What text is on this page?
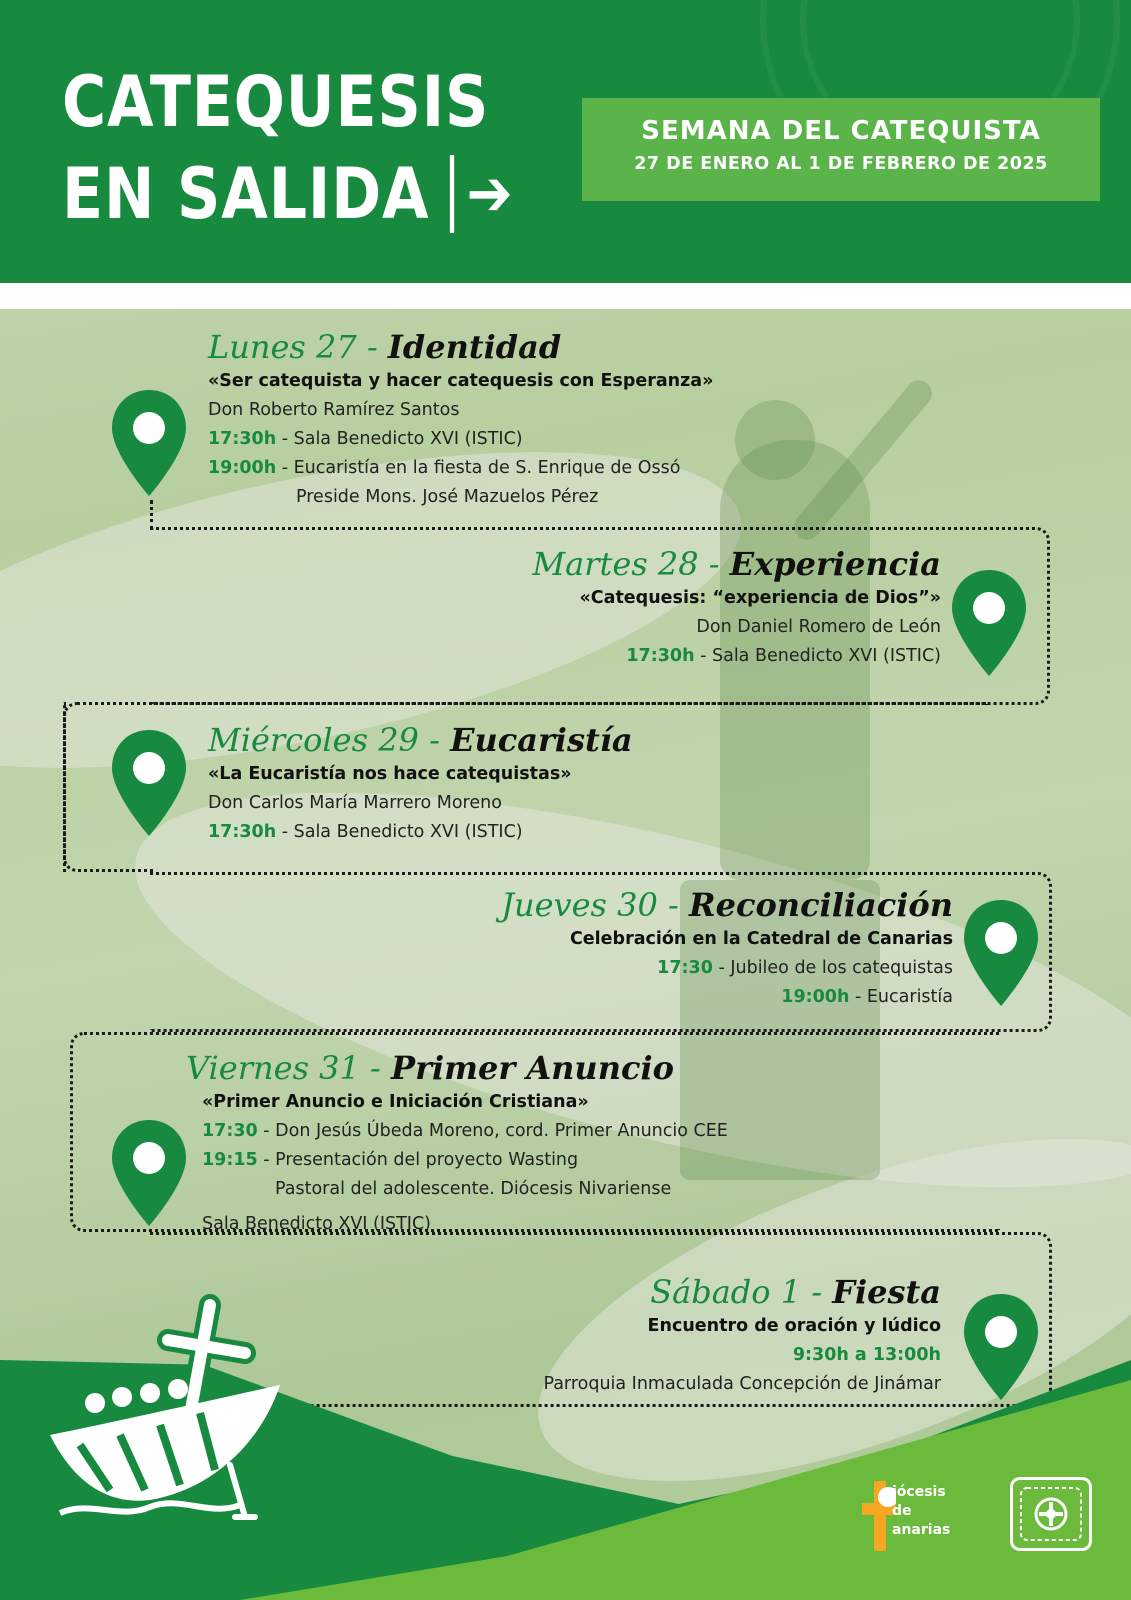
CATEQUESIS
EN SALIDA ➔
SEMANA DEL CATEQUISTA
27 DE ENERO AL 1 DE FEBRERO DE 2025
Lunes 27 - Identidad
«Ser catequista y hacer catequesis con Esperanza»
Don Roberto Ramírez Santos
17:30h - Sala Benedicto XVI (ISTIC)
19:00h - Eucaristía en la fiesta de S. Enrique de Ossó
Preside Mons. José Mazuelos Pérez
Martes 28 - Experiencia
«Catequesis: “experiencia de Dios”»
Don Daniel Romero de León
17:30h - Sala Benedicto XVI (ISTIC)
Miércoles 29 - Eucaristía
«La Eucaristía nos hace catequistas»
Don Carlos María Marrero Moreno
17:30h - Sala Benedicto XVI (ISTIC)
Jueves 30 - Reconciliación
Celebración en la Catedral de Canarias
17:30 - Jubileo de los catequistas
19:00h - Eucaristía
Viernes 31 - Primer Anuncio
«Primer Anuncio e Iniciación Cristiana»
17:30 - Don Jesús Úbeda Moreno, cord. Primer Anuncio CEE
19:15 - Presentación del proyecto Wasting
Pastoral del adolescente. Diócesis Nivariense
Sala Benedicto XVI (ISTIC)
Sábado 1 - Fiesta
Encuentro de oración y lúdico
9:30h a 13:00h
Parroquia Inmaculada Concepción de Jinámar
iócesis
de
anarias
